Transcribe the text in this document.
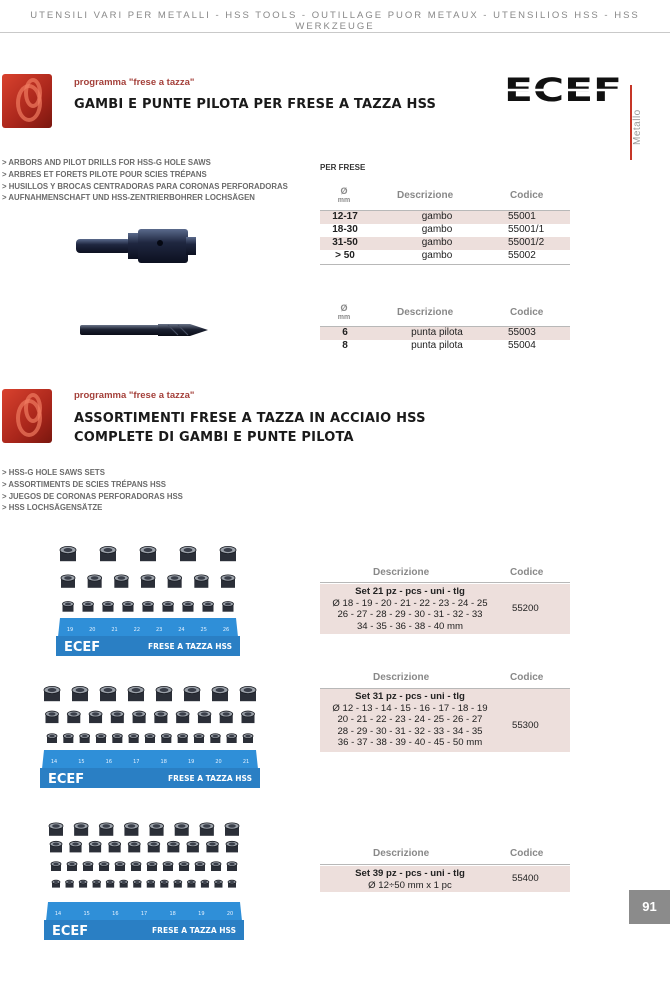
UTENSILI VARI PER METALLI - HSS TOOLS - OUTILLAGE PUOR METAUX - UTENSILIOS HSS - HSS WERKZEUGE
Metallo
ECEF
programma "frese a tazza"
GAMBI E PUNTE PILOTA PER FRESE A TAZZA HSS
> ARBORS AND PILOT DRILLS FOR HSS-G HOLE SAWS
> ARBRES ET FORETS PILOTE POUR SCIES TRÉPANS
> HUSILLOS Y BROCAS CENTRADORAS PARA CORONAS PERFORADORAS
> AUFNAHMENSCHAFT UND HSS-ZENTRIERBOHRER LOCHSÄGEN
PER FRESE
Ø
mm	Descrizione	Codice
12-17	gambo	55001
18-30	gambo	55001/1
31-50	gambo	55001/2
> 50	gambo	55002
Ø
mm	Descrizione	Codice
6	punta pilota	55003
8	punta pilota	55004
programma "frese a tazza"
ASSORTIMENTI FRESE A TAZZA IN ACCIAIO HSS
COMPLETE DI GAMBI E PUNTE PILOTA
> HSS-G HOLE SAWS SETS
> ASSORTIMENTS DE SCIES TRÉPANS HSS
> JUEGOS DE CORONAS PERFORADORAS HSS
> HSS LOCHSÄGENSÄTZE
Descrizione	Codice
Set 21 pz - pcs - uni - tlg
Ø 18 - 19 - 20 - 21 - 22 - 23 - 24 - 25
26 - 27 - 28 - 29 - 30 - 31 - 32 - 33
34 - 35 - 36 - 38 - 40 mm
55200
Descrizione	Codice
Set 31 pz - pcs - uni - tlg
Ø 12 - 13 - 14 - 15 - 16 - 17 - 18 - 19
20 - 21 - 22 - 23 - 24 - 25 - 26 - 27
28 - 29 - 30 - 31 - 32 - 33 - 34 - 35
36 - 37 - 38 - 39 - 40 - 45 - 50 mm
55300
Descrizione	Codice
Set 39 pz - pcs - uni - tlg
Ø 12÷50 mm x 1 pc
55400
19	20	21	22	23	24	25	26
ECEF	FRESE A TAZZA HSS
14	15	16	17	18	19	20	21
ECEF	FRESE A TAZZA HSS
14	15	16	17	18	19	20
ECEF	FRESE A TAZZA HSS
91
